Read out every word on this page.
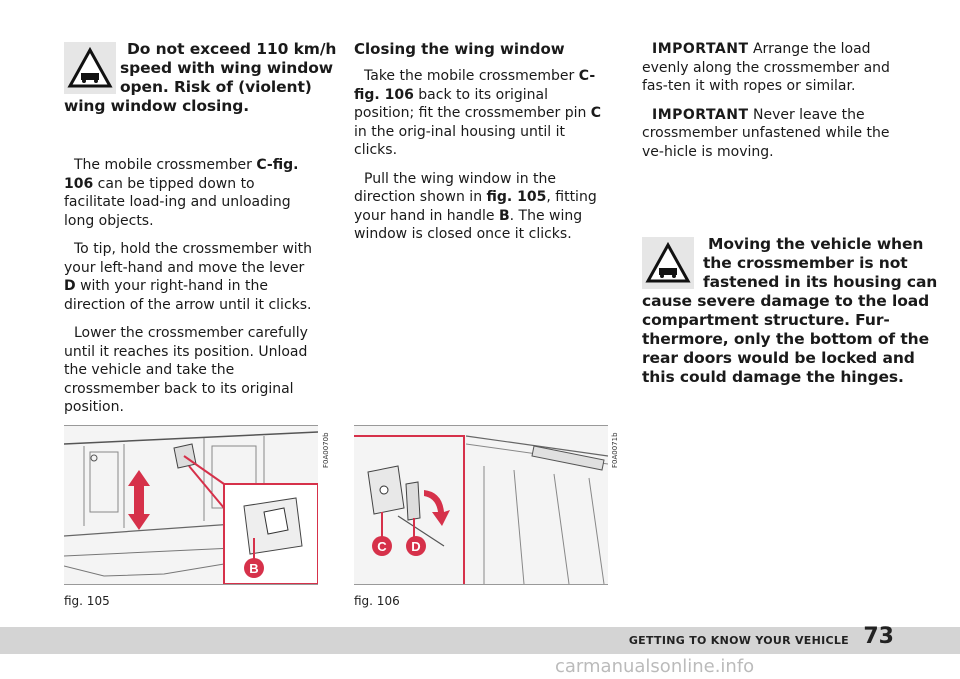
Do not exceed 110 km/h
speed with wing window
open. Risk of (violent)
wing window closing.

The mobile crossmember C-fig. 106 can be tipped down to facilitate load-ing and unloading long objects.

To tip, hold the crossmember with your left-hand and move the lever D with your right-hand in the direction of the arrow until it clicks.

Lower the crossmember carefully until it reaches its position. Unload the vehicle and take the crossmember back to its original position.

Closing the wing window

Take the mobile crossmember C-fig. 106 back to its original position; fit the crossmember pin C in the orig-inal housing until it clicks.

Pull the wing window in the direction shown in fig. 105, fitting your hand in handle B. The wing window is closed once it clicks.

IMPORTANT Arrange the load evenly along the crossmember and fas-ten it with ropes or similar.

IMPORTANT Never leave the crossmember unfastened while the ve-hicle is moving.

Moving the vehicle when
the crossmember is not
fastened in its housing can
cause severe damage to the load
compartment structure. Fur-
thermore, only the bottom of the
rear doors would be locked and
this could damage the hinges.
B
F0A0070b
fig. 105
C D
F0A0071b
fig. 106
GETTING TO KNOW YOUR VEHICLE 73
carmanualsonline.info
